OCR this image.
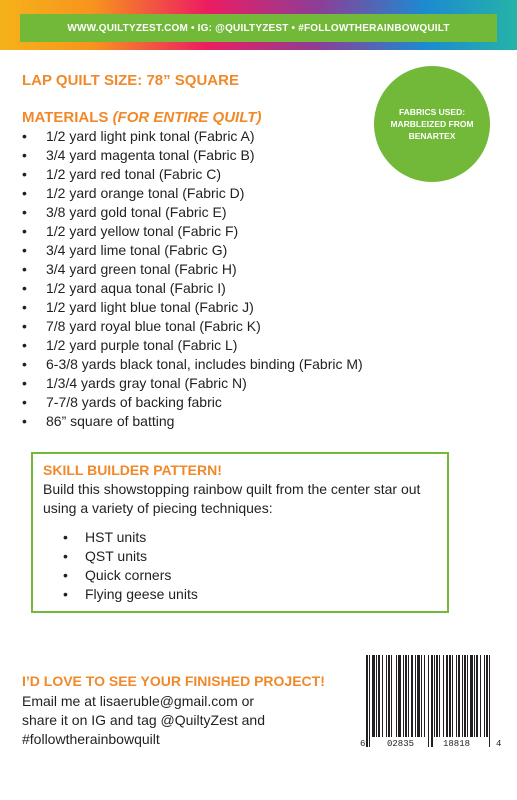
WWW.QUILTYZEST.COM • IG: @QUILTYZEST • #FOLLOWTHERAINBOWQUILT
LAP QUILT SIZE: 78” SQUARE
MATERIALS (FOR ENTIRE QUILT)	FABRICS USED:
MARBLEIZED FROM
BENARTEX
• 1/2 yard light pink tonal (Fabric A)
• 3/4 yard magenta tonal (Fabric B)
• 1/2 yard red tonal (Fabric C)
• 1/2 yard orange tonal (Fabric D)
• 3/8 yard gold tonal (Fabric E)
• 1/2 yard yellow tonal (Fabric F)
• 3/4 yard lime tonal (Fabric G)
• 3/4 yard green tonal (Fabric H)
• 1/2 yard aqua tonal (Fabric I)
• 1/2 yard light blue tonal (Fabric J)
• 7/8 yard royal blue tonal (Fabric K)
• 1/2 yard purple tonal (Fabric L)
• 6-3/8 yards black tonal, includes binding (Fabric M)
• 1/3/4 yards gray tonal (Fabric N)
• 7-7/8 yards of backing fabric
• 86” square of batting
SKILL BUILDER PATTERN!

Build this showstopping rainbow quilt from the center star out using a variety of piecing techniques:

• HST units
• QST units
• Quick corners
• Flying geese units
I’D LOVE TO SEE YOUR FINISHED PROJECT!
Email me at lisaeruble@gmail.com or
share it on IG and tag @QuiltyZest and
#followtherainbowquilt	6 02835	18818	4
